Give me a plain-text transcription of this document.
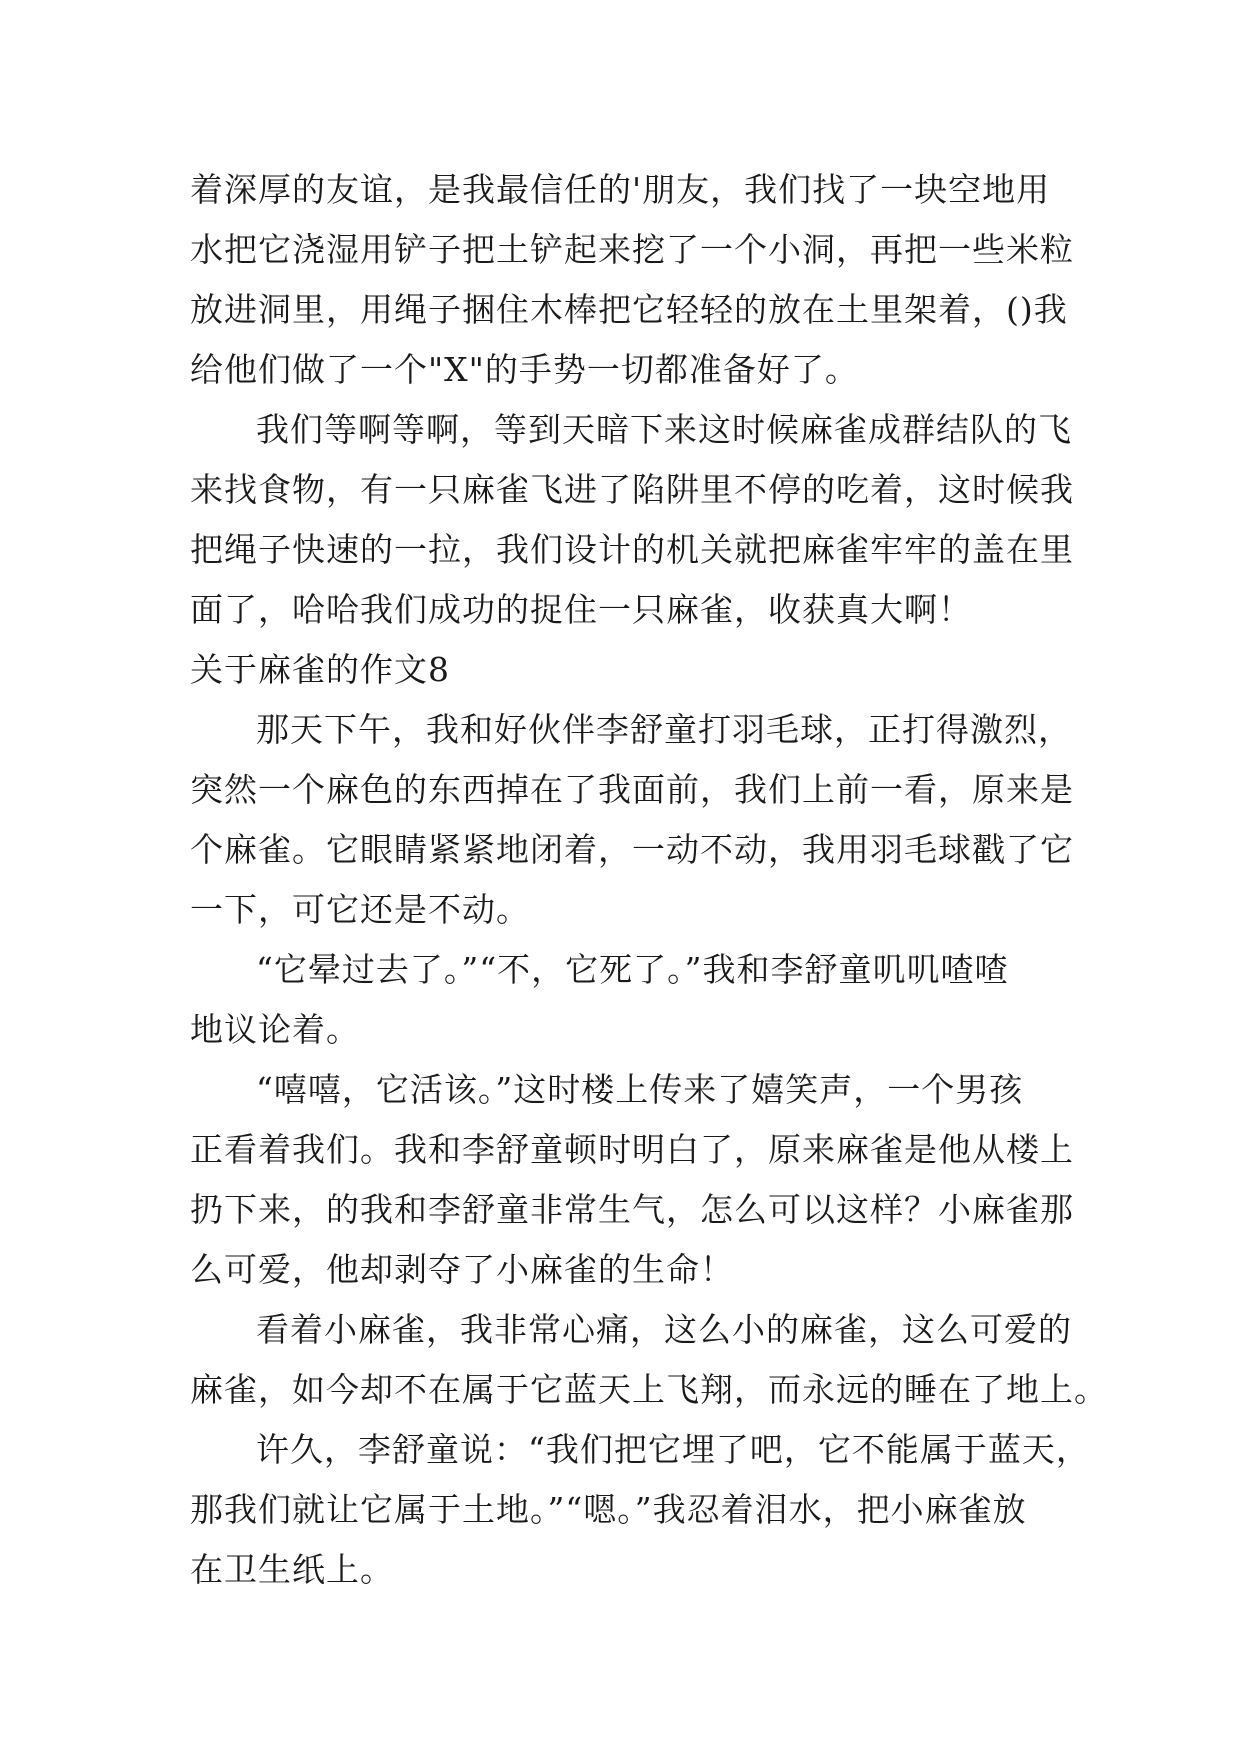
着深厚的友谊，是我最信任的'朋友，我们找了一块空地用
水把它浇湿用铲子把土铲起来挖了一个小洞，再把一些米粒
放进洞里，用绳子捆住木棒把它轻轻的放在土里架着，()我
给他们做了一个"X"的手势一切都准备好了。
我们等啊等啊，等到天暗下来这时候麻雀成群结队的飞
来找食物，有一只麻雀飞进了陷阱里不停的吃着，这时候我
把绳子快速的一拉，我们设计的机关就把麻雀牢牢的盖在里
面了，哈哈我们成功的捉住一只麻雀，收获真大啊！
关于麻雀的作文8
那天下午，我和好伙伴李舒童打羽毛球，正打得激烈，
突然一个麻色的东西掉在了我面前，我们上前一看，原来是
个麻雀。它眼睛紧紧地闭着，一动不动，我用羽毛球戳了它
一下，可它还是不动。
“它晕过去了。”“不，它死了。”我和李舒童叽叽喳喳
地议论着。
“嘻嘻，它活该。”这时楼上传来了嬉笑声，一个男孩
正看着我们。我和李舒童顿时明白了，原来麻雀是他从楼上
扔下来，的我和李舒童非常生气，怎么可以这样？小麻雀那
么可爱，他却剥夺了小麻雀的生命！
看着小麻雀，我非常心痛，这么小的麻雀，这么可爱的
麻雀，如今却不在属于它蓝天上飞翔，而永远的睡在了地上。
许久，李舒童说：“我们把它埋了吧，它不能属于蓝天，
那我们就让它属于土地。”“嗯。”我忍着泪水，把小麻雀放
在卫生纸上。
